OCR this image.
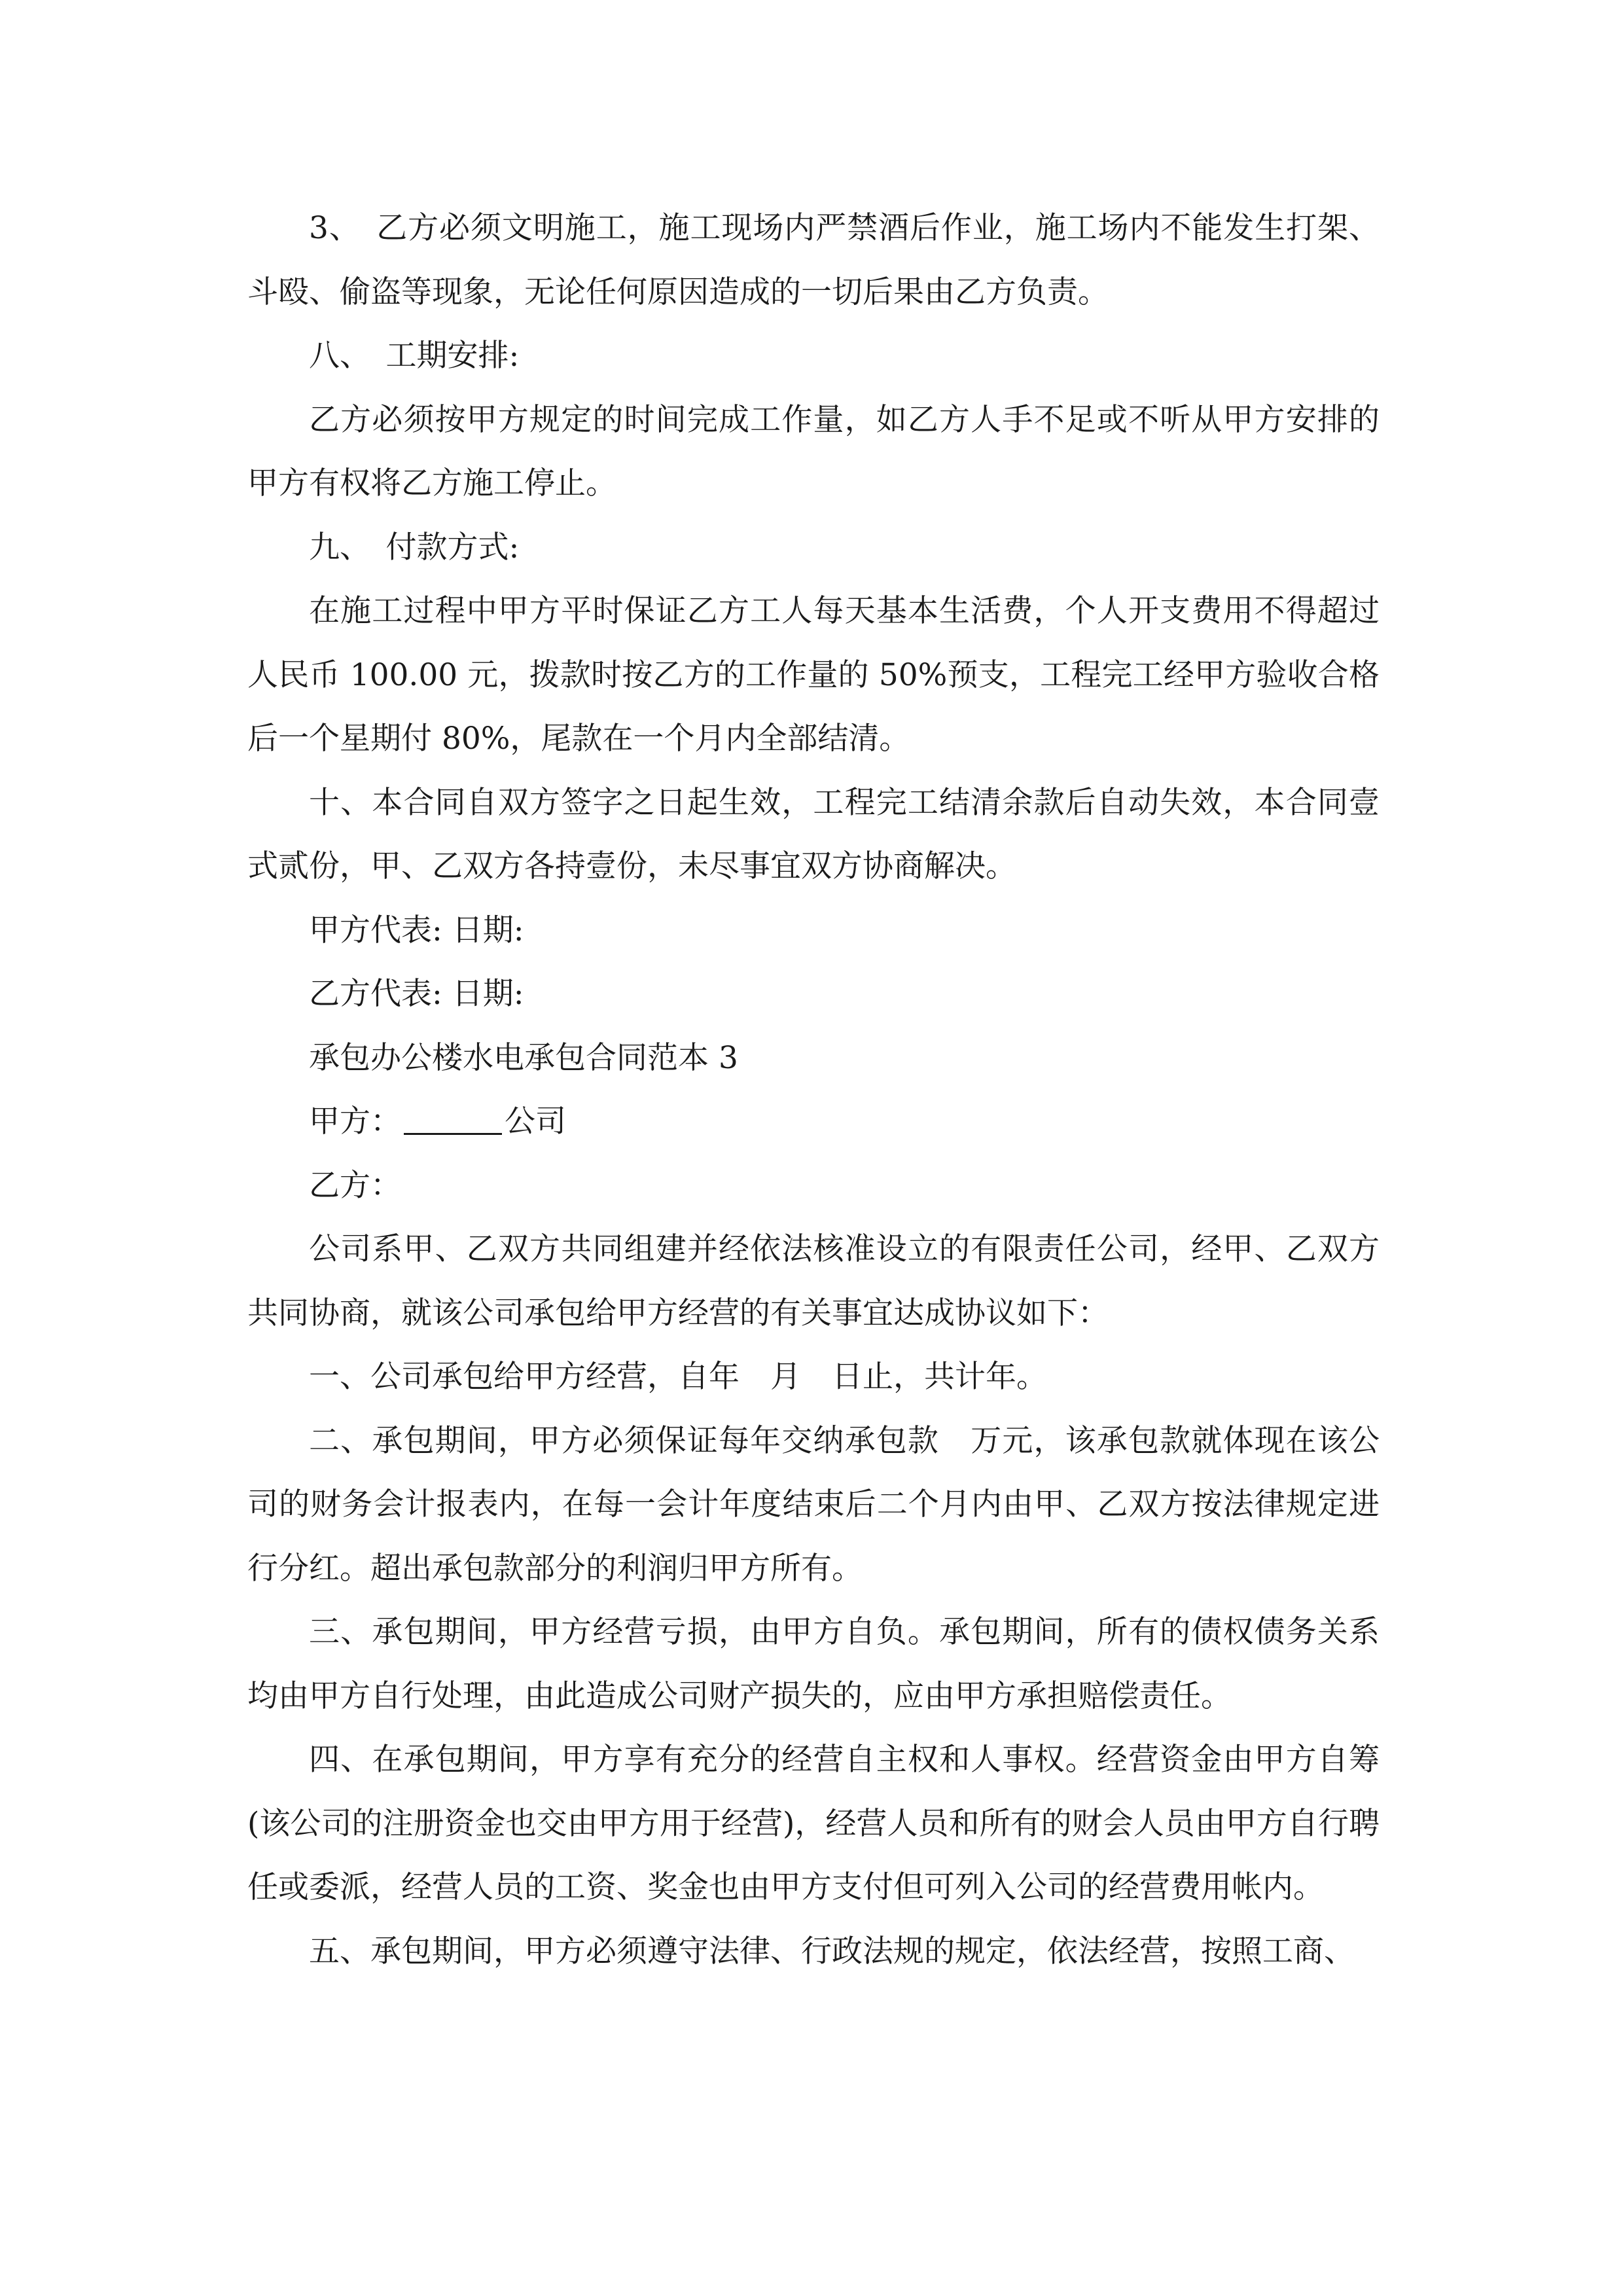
3、　乙方必须文明施工，施工现场内严禁酒后作业，施工场内不能发生打架、斗殴、偷盗等现象，无论任何原因造成的一切后果由乙方负责。

八、　工期安排:

乙方必须按甲方规定的时间完成工作量，如乙方人手不足或不听从甲方安排的甲方有权将乙方施工停止。

九、　付款方式:

在施工过程中甲方平时保证乙方工人每天基本生活费，个人开支费用不得超过人民币 100.00 元，拨款时按乙方的工作量的 50%预支，工程完工经甲方验收合格后一个星期付 80%，尾款在一个月内全部结清。

十、本合同自双方签字之日起生效，工程完工结清余款后自动失效，本合同壹式贰份，甲、乙双方各持壹份，未尽事宜双方协商解决。

甲方代表: 日期:

乙方代表: 日期:

承包办公楼水电承包合同范本 3

甲方：	公司

乙方：

公司系甲、乙双方共同组建并经依法核准设立的有限责任公司，经甲、乙双方共同协商，就该公司承包给甲方经营的有关事宜达成协议如下：

一、公司承包给甲方经营，自年　月　日止，共计年。

二、承包期间，甲方必须保证每年交纳承包款　万元，该承包款就体现在该公司的财务会计报表内，在每一会计年度结束后二个月内由甲、乙双方按法律规定进行分红。超出承包款部分的利润归甲方所有。

三、承包期间，甲方经营亏损，由甲方自负。承包期间，所有的债权债务关系均由甲方自行处理，由此造成公司财产损失的，应由甲方承担赔偿责任。

四、在承包期间，甲方享有充分的经营自主权和人事权。经营资金由甲方自筹(该公司的注册资金也交由甲方用于经营)，经营人员和所有的财会人员由甲方自行聘任或委派，经营人员的工资、奖金也由甲方支付但可列入公司的经营费用帐内。

五、承包期间，甲方必须遵守法律、行政法规的规定，依法经营，按照工商、
